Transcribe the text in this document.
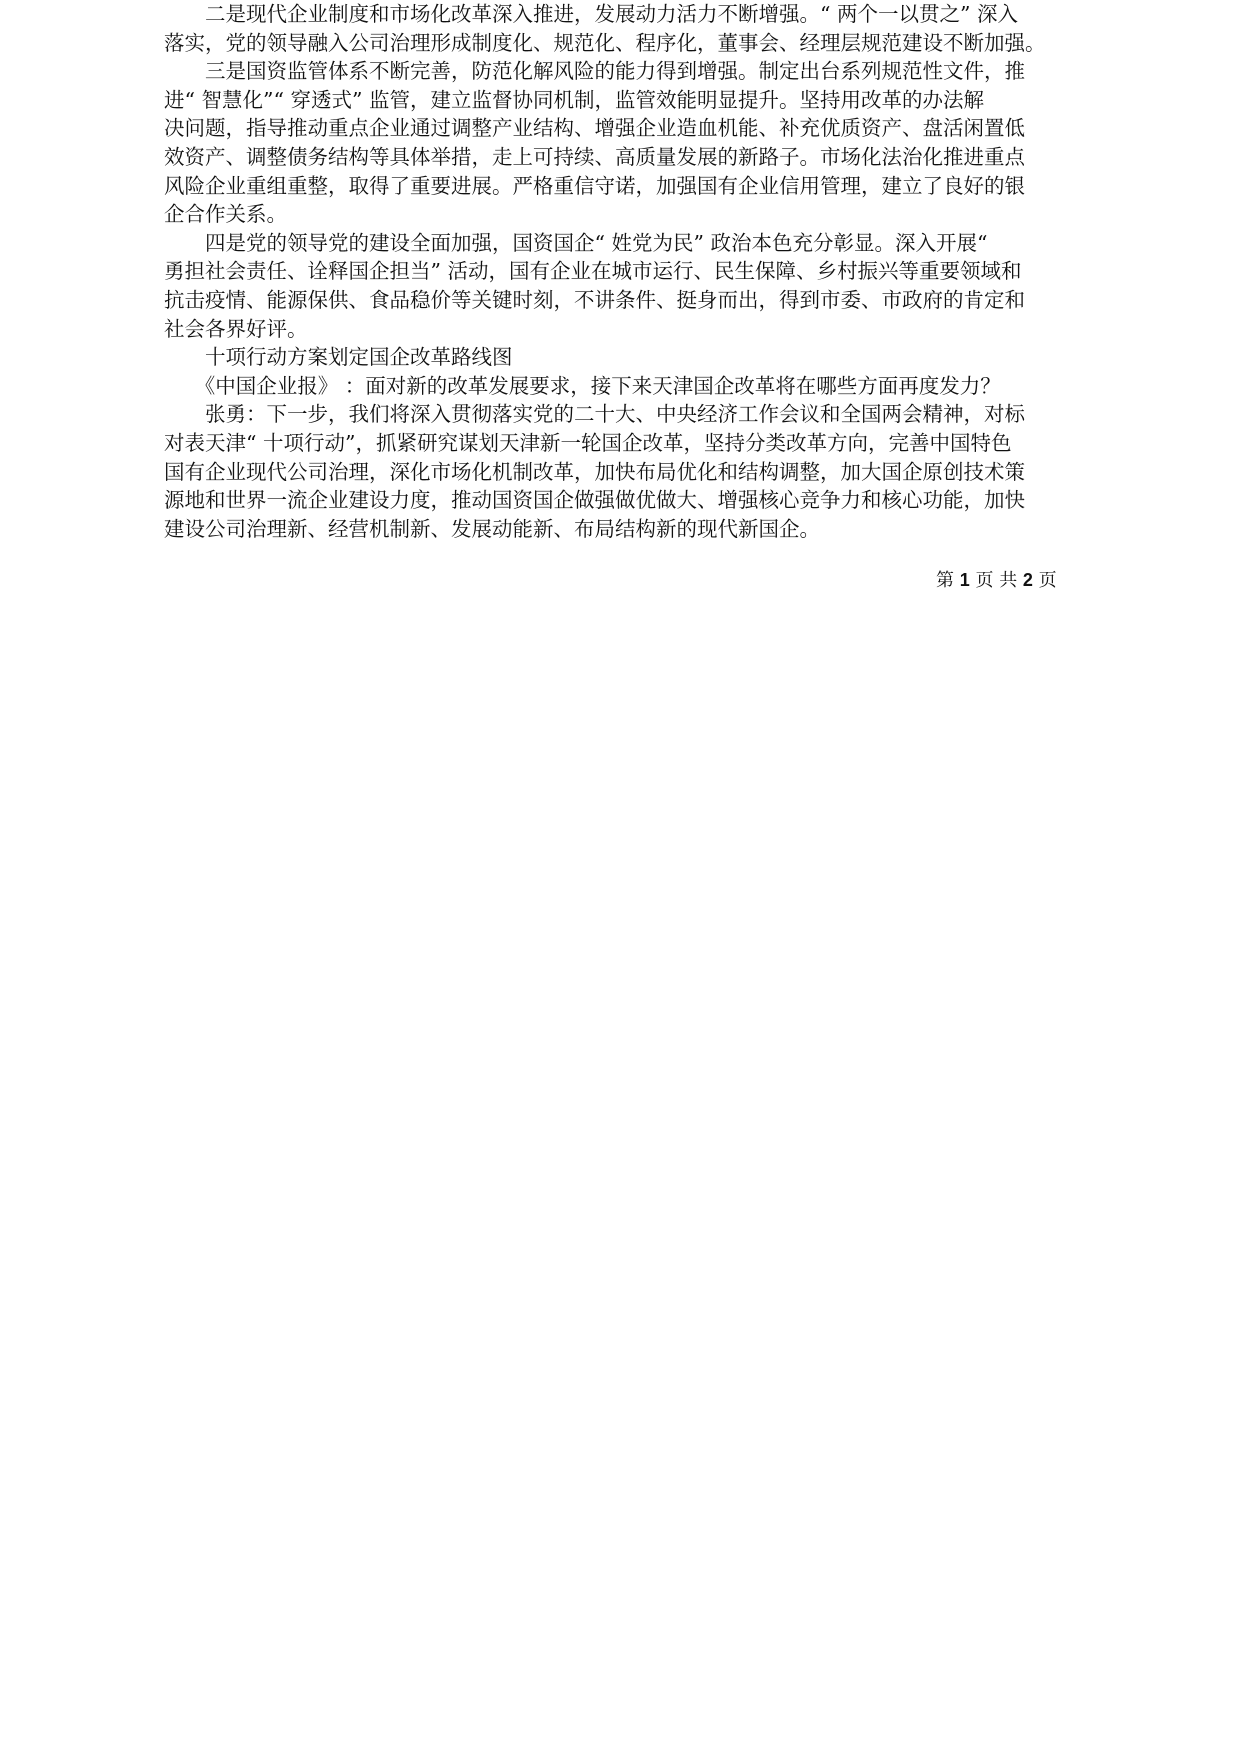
　　二是现代企业制度和市场化改革深入推进，发展动力活力不断增强。“ 两个一以贯之” 深入
落实，党的领导融入公司治理形成制度化、规范化、程序化，董事会、经理层规范建设不断加强。
　　三是国资监管体系不断完善，防范化解风险的能力得到增强。制定出台系列规范性文件，推
进“ 智慧化”“ 穿透式” 监管，建立监督协同机制，监管效能明显提升。坚持用改革的办法解
决问题，指导推动重点企业通过调整产业结构、增强企业造血机能、补充优质资产、盘活闲置低
效资产、调整债务结构等具体举措，走上可持续、高质量发展的新路子。市场化法治化推进重点
风险企业重组重整，取得了重要进展。严格重信守诺，加强国有企业信用管理，建立了良好的银
企合作关系。
　　四是党的领导党的建设全面加强，国资国企“ 姓党为民” 政治本色充分彰显。深入开展“
勇担社会责任、诠释国企担当” 活动，国有企业在城市运行、民生保障、乡村振兴等重要领域和
抗击疫情、能源保供、食品稳价等关键时刻，不讲条件、挺身而出，得到市委、市政府的肯定和
社会各界好评。
　　十项行动方案划定国企改革路线图
　　《中国企业报》 ：面对新的改革发展要求，接下来天津国企改革将在哪些方面再度发力？
　　张勇：下一步，我们将深入贯彻落实党的二十大、中央经济工作会议和全国两会精神，对标
对表天津“ 十项行动”，抓紧研究谋划天津新一轮国企改革，坚持分类改革方向，完善中国特色
国有企业现代公司治理，深化市场化机制改革，加快布局优化和结构调整，加大国企原创技术策
源地和世界一流企业建设力度，推动国资国企做强做优做大、增强核心竞争力和核心功能，加快
建设公司治理新、经营机制新、发展动能新、布局结构新的现代新国企。
第 1 页 共 2 页
